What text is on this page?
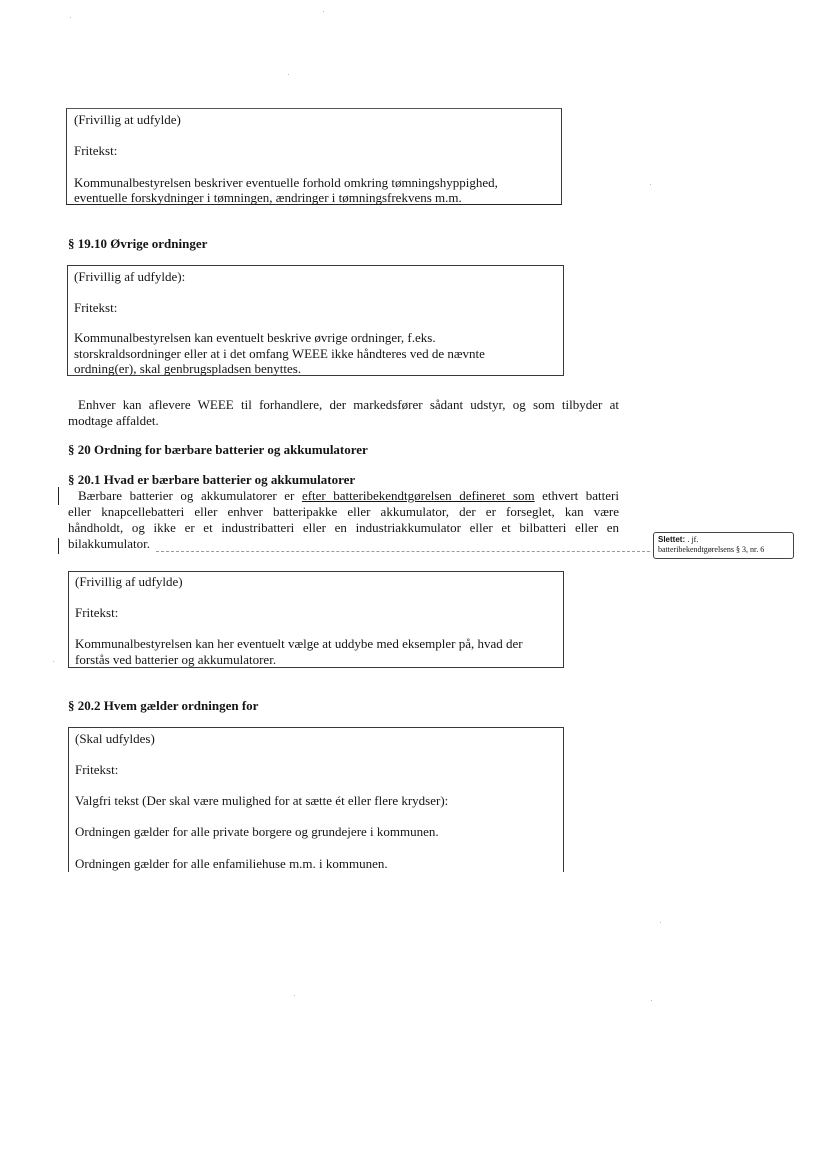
(Frivillig at udfylde)

Fritekst:

Kommunalbestyrelsen beskriver eventuelle forhold omkring tømningshyppighed,

eventuelle forskydninger i tømningen, ændringer i tømningsfrekvens m.m.

§ 19.10 Øvrige ordninger

(Frivillig af udfylde):

Fritekst:

Kommunalbestyrelsen kan eventuelt beskrive øvrige ordninger, f.eks.

storskraldsordninger eller at i det omfang WEEE ikke håndteres ved de nævnte

ordning(er), skal genbrugspladsen benyttes.

Enhver kan aflevere WEEE til forhandlere, der markedsfører sådant udstyr, og som tilbyder at
modtage affaldet.
§ 20 Ordning for bærbare batterier og akkumulatorer
§ 20.1 Hvad er bærbare batterier og akkumulatorer
Bærbare batterier og akkumulatorer er efter batteribekendtgørelsen defineret som ethvert batteri
eller knapcellebatteri eller enhver batteripakke eller akkumulator, der er forseglet, kan være
håndholdt, og ikke er et industribatteri eller en industriakkumulator eller et bilbatteri eller en
bilakkumulator.	Slettet: . jf.
batteribekendtgørelsens § 3, nr. 6

(Frivillig af udfylde)

Fritekst:

Kommunalbestyrelsen kan her eventuelt vælge at uddybe med eksempler på, hvad der

forstås ved batterier og akkumulatorer.

§ 20.2 Hvem gælder ordningen for

(Skal udfyldes)

Fritekst:

Valgfri tekst (Der skal være mulighed for at sætte ét eller flere krydser):

Ordningen gælder for alle private borgere og grundejere i kommunen.

Ordningen gælder for alle enfamiliehuse m.m. i kommunen.
